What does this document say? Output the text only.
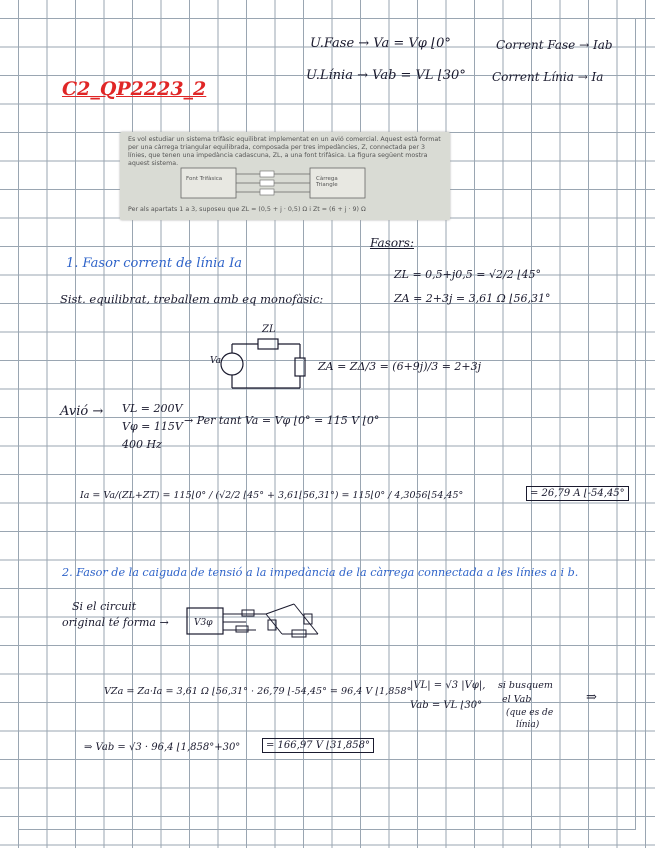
U.Fase → Va = Vφ ⌊0°
U.Línia → Vab = VL ⌊30°
Corrent Fase → Iab
Corrent Línia → Ia
C2_QP2223_2
Es vol estudiar un sistema trifàsic equilibrat implementat en un avió comercial. Aquest està format per una càrrega triangular equilibrada, composada per tres impedàncies, Z, connectada per 3 línies, que tenen una impedància cadascuna, ZL, a una font trifàsica. La figura següent mostra aquest sistema.
Font Trifàsica	Càrrega Triangle
Per als apartats 1 a 3, suposeu que ZL = (0,5 + j · 0,5) Ω i Zt = (6 + j · 9) Ω
Fasors:
ZL = 0,5+j0,5 = √2/2 ⌊45°
ZA = 2+3j = 3,61 Ω ⌊56,31°
1. Fasor corrent de línia Ia
Sist. equilibrat, treballem amb eq monofàsic:
ZL
Va	ZA = ZΔ/3 = (6+9j)/3 = 2+3j
Avió → VL = 200V
Vφ = 115V
400 Hz
→ Per tant Va = Vφ ⌊0° = 115 V ⌊0°
Ia = Va/(ZL+ZT) = 115⌊0° / (√2/2 ⌊45° + 3,61⌊56,31°) = 115⌊0° / 4,3056⌊54,45°	= 26,79 A ⌊-54,45°
2. Fasor de la caiguda de tensió a la impedància de la càrrega connectada a les línies a i b.
Si el circuit
original té forma →	V3φ
VZa = Za·Ia = 3,61 Ω ⌊56,31° · 26,79 ⌊-54,45° = 96,4 V ⌊1,858°
|VL| = √3 |Vφ|,
Vab = VL ⌊30°
si busquem
el Vab
(que es de
línia)
⇒
⇒ Vab = √3 · 96,4 ⌊1,858°+30°	= 166,97 V ⌊31,858°
